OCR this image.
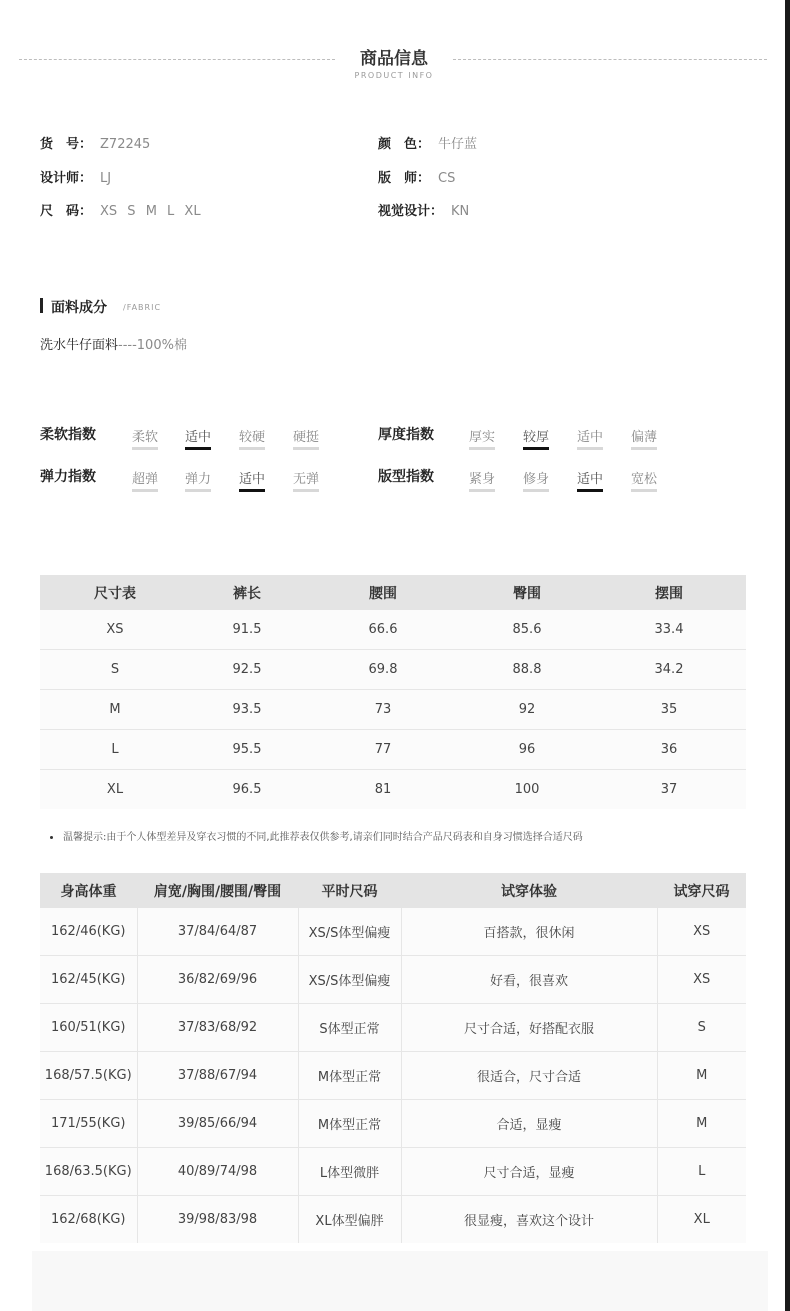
商品信息
PRODUCT INFO
货　号： Z72245	颜　色： 牛仔蓝
设计师： LJ	版　师： CS
尺　码： XS S M L XL	视觉设计： KN
面料成分 /FABRIC
洗水牛仔面料----100%棉
柔软指数	柔软 适中 较硬 硬挺	厚度指数	厚实 较厚 适中 偏薄
弹力指数	超弹 弹力 适中 无弹	版型指数	紧身 修身 适中 宽松
尺寸表	裤长	腰围	臀围	摆围
XS	91.5	66.6	85.6	33.4
S	92.5	69.8	88.8	34.2
M	93.5	73	92	35
L	95.5	77	96	36
XL	96.5	81	100	37
温馨提示:由于个人体型差异及穿衣习惯的不同,此推荐表仅供参考,请亲们同时结合产品尺码表和自身习惯选择合适尺码
身高体重	肩宽/胸围/腰围/臀围	平时尺码	试穿体验	试穿尺码
162/46(KG)	37/84/64/87	XS/S体型偏瘦	百搭款，很休闲	XS
162/45(KG)	36/82/69/96	XS/S体型偏瘦	好看，很喜欢	XS
160/51(KG)	37/83/68/92	S体型正常	尺寸合适，好搭配衣服	S
168/57.5(KG)	37/88/67/94	M体型正常	很适合，尺寸合适	M
171/55(KG)	39/85/66/94	M体型正常	合适，显瘦	M
168/63.5(KG)	40/89/74/98	L体型微胖	尺寸合适，显瘦	L
162/68(KG)	39/98/83/98	XL体型偏胖	很显瘦，喜欢这个设计	XL
